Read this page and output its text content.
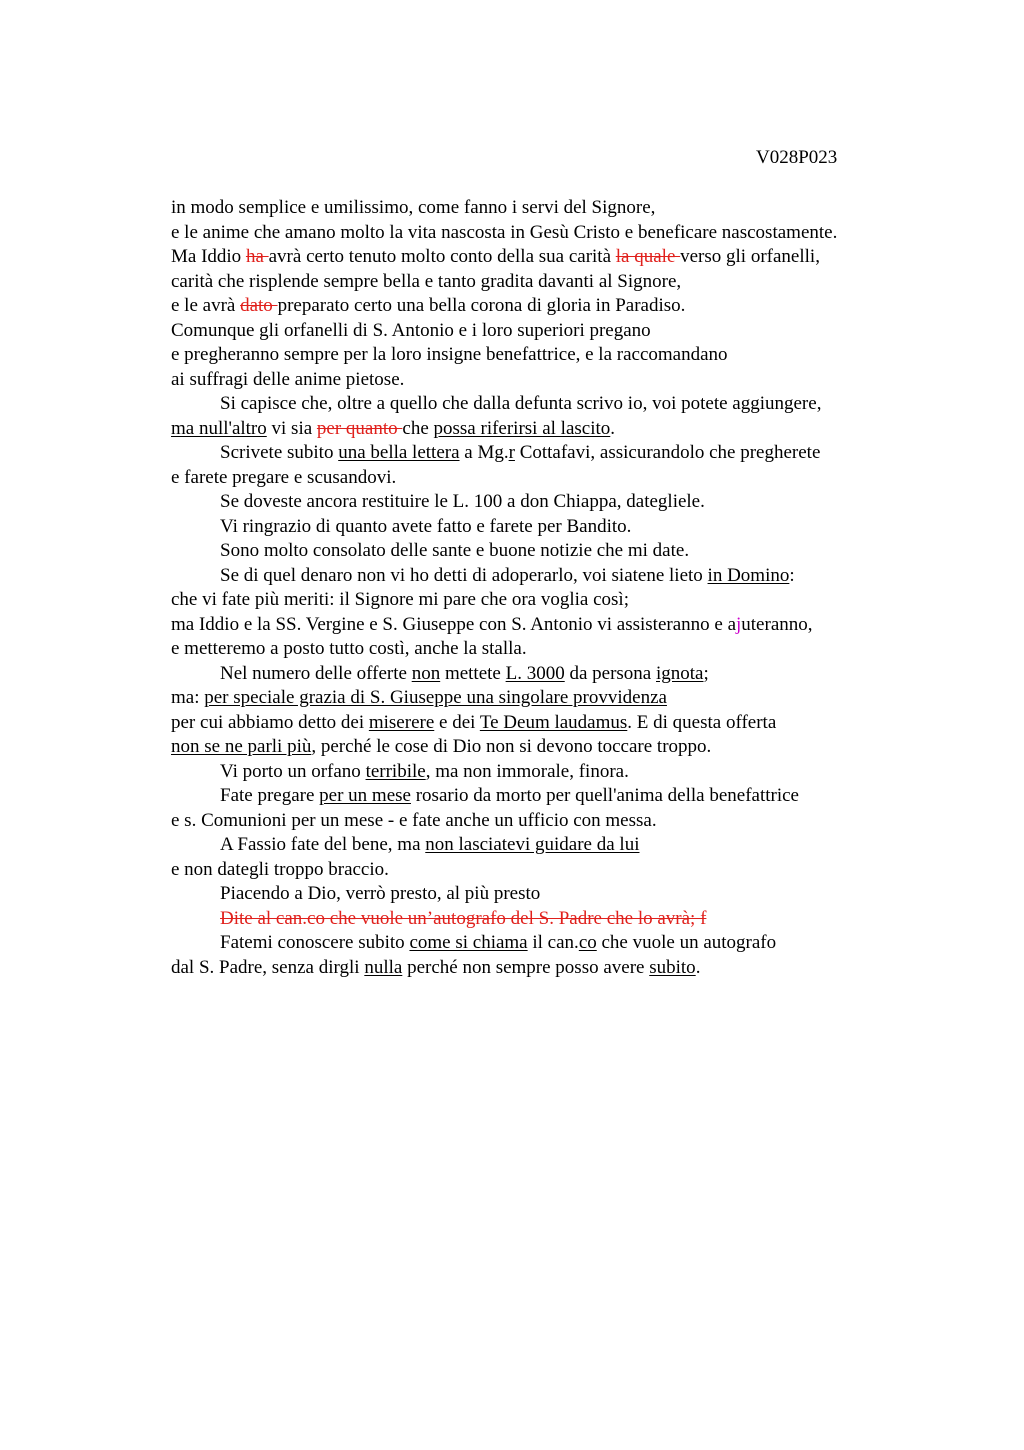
V028P023
in modo semplice e umilissimo, come fanno i servi del Signore,
e le anime che amano molto la vita nascosta in Gesù Cristo e beneficare nascostamente.
Ma Iddio ha avrà certo tenuto molto conto della sua carità la quale verso gli orfanelli,
carità che risplende sempre bella e tanto gradita davanti al Signore,
e le avrà dato preparato certo una bella corona di gloria in Paradiso.
Comunque gli orfanelli di S. Antonio e i loro superiori pregano
e pregheranno sempre per la loro insigne benefattrice, e la raccomandano
ai suffragi delle anime pietose.
Si capisce che, oltre a quello che dalla defunta scrivo io, voi potete aggiungere,
ma null'altro vi sia per quanto che possa riferirsi al lascito.
Scrivete subito una bella lettera a Mg.r Cottafavi, assicurandolo che pregherete
e farete pregare e scusandovi.
Se doveste ancora restituire le L. 100 a don Chiappa, dategliele.
Vi ringrazio di quanto avete fatto e farete per Bandito.
Sono molto consolato delle sante e buone notizie che mi date.
Se di quel denaro non vi ho detti di adoperarlo, voi siatene lieto in Domino:
che vi fate più meriti: il Signore mi pare che ora voglia così;
ma Iddio e la SS. Vergine e S. Giuseppe con S. Antonio vi assisteranno e ajuteranno,
e metteremo a posto tutto costì, anche la stalla.
Nel numero delle offerte non mettete L. 3000 da persona ignota;
ma: per speciale grazia di S. Giuseppe una singolare provvidenza
per cui abbiamo detto dei miserere e dei Te Deum laudamus. E di questa offerta
non se ne parli più, perché le cose di Dio non si devono toccare troppo.
Vi porto un orfano terribile, ma non immorale, finora.
Fate pregare per un mese rosario da morto per quell'anima della benefattrice
e s. Comunioni per un mese - e fate anche un ufficio con messa.
A Fassio fate del bene, ma non lasciatevi guidare da lui
e non dategli troppo braccio.
Piacendo a Dio, verrò presto, al più presto
Dite al can.co che vuole un’autografo del S. Padre che lo avrà; f
Fatemi conoscere subito come si chiama il can.co che vuole un autografo
dal S. Padre, senza dirgli nulla perché non sempre posso avere subito.
